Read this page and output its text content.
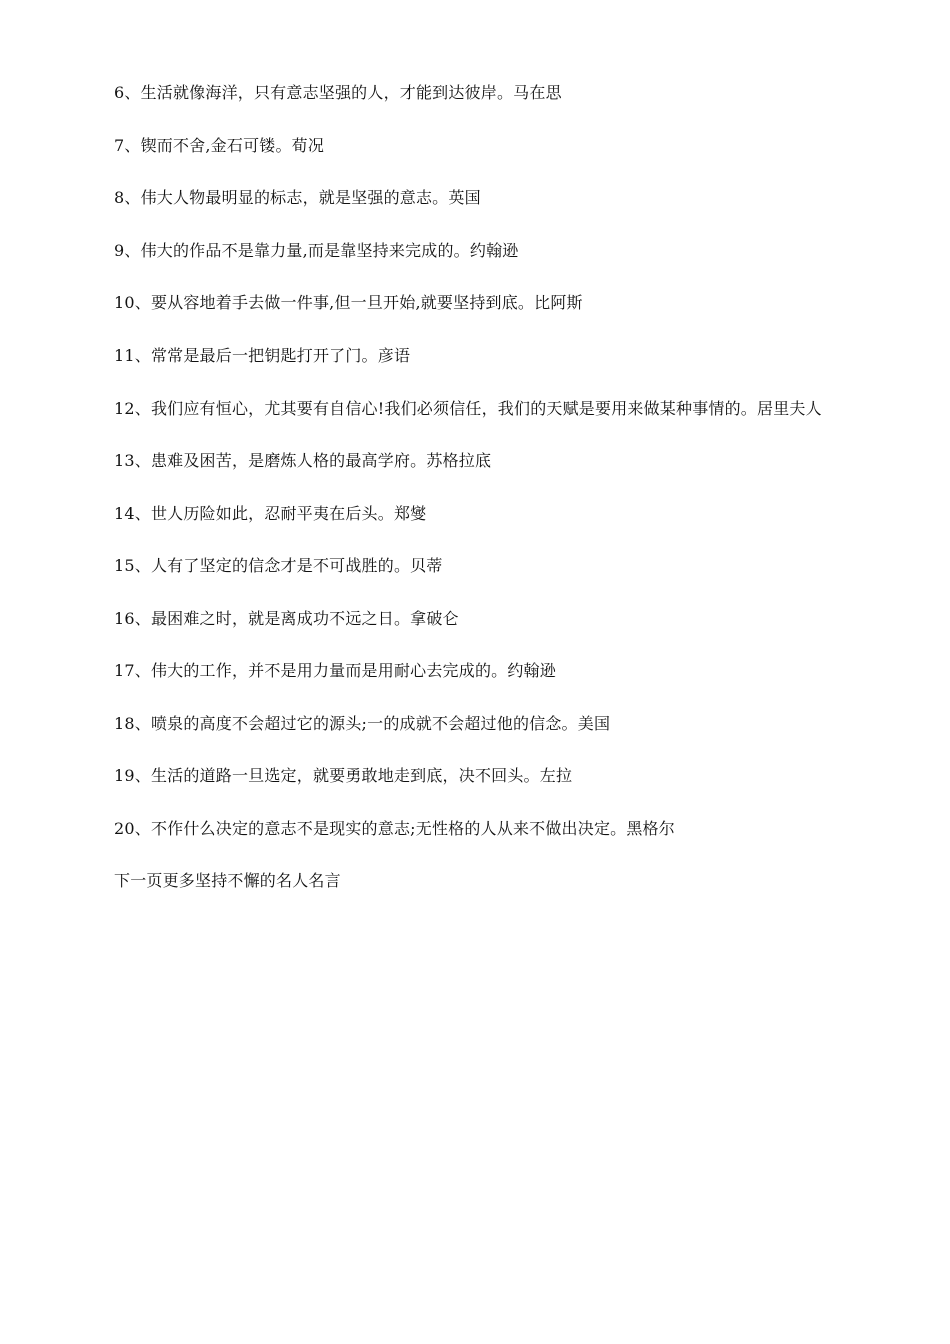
6、生活就像海洋，只有意志坚强的人，才能到达彼岸。马在思
7、锲而不舍,金石可镂。荀况
8、伟大人物最明显的标志，就是坚强的意志。英国
9、伟大的作品不是靠力量,而是靠坚持来完成的。约翰逊
10、要从容地着手去做一件事,但一旦开始,就要坚持到底。比阿斯
11、常常是最后一把钥匙打开了门。彦语
12、我们应有恒心，尤其要有自信心!我们必须信任，我们的天赋是要用来做某种事情的。居里夫人
13、患难及困苦，是磨炼人格的最高学府。苏格拉底
14、世人历险如此，忍耐平夷在后头。郑燮
15、人有了坚定的信念才是不可战胜的。贝蒂
16、最困难之时，就是离成功不远之日。拿破仑
17、伟大的工作，并不是用力量而是用耐心去完成的。约翰逊
18、喷泉的高度不会超过它的源头;一的成就不会超过他的信念。美国
19、生活的道路一旦选定，就要勇敢地走到底，决不回头。左拉
20、不作什么决定的意志不是现实的意志;无性格的人从来不做出决定。黑格尔
下一页更多坚持不懈的名人名言
